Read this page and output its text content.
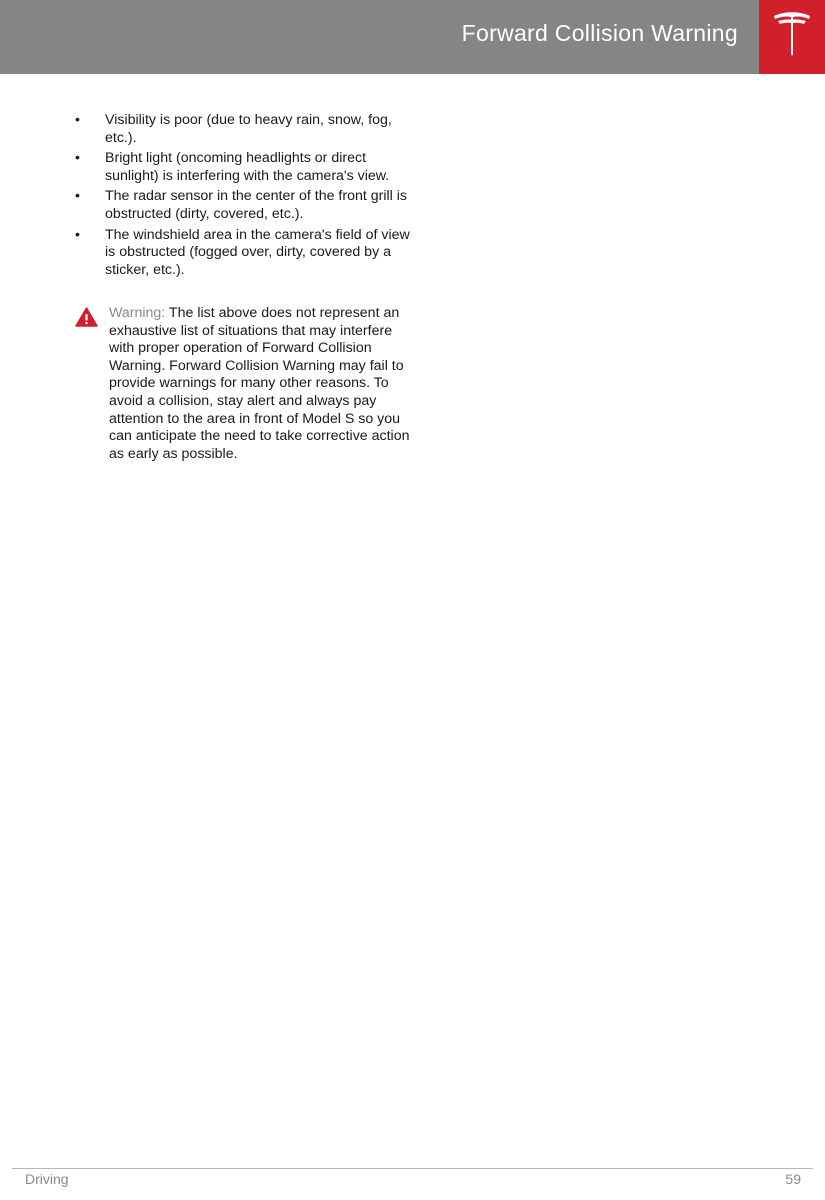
Forward Collision Warning
• Visibility is poor (due to heavy rain, snow, fog, etc.).
• Bright light (oncoming headlights or direct sunlight) is interfering with the camera's view.
• The radar sensor in the center of the front grill is obstructed (dirty, covered, etc.).
• The windshield area in the camera's field of view is obstructed (fogged over, dirty, covered by a sticker, etc.).
Warning: The list above does not represent an exhaustive list of situations that may interfere with proper operation of Forward Collision Warning. Forward Collision Warning may fail to provide warnings for many other reasons. To avoid a collision, stay alert and always pay attention to the area in front of Model S so you can anticipate the need to take corrective action as early as possible.
Driving	59
